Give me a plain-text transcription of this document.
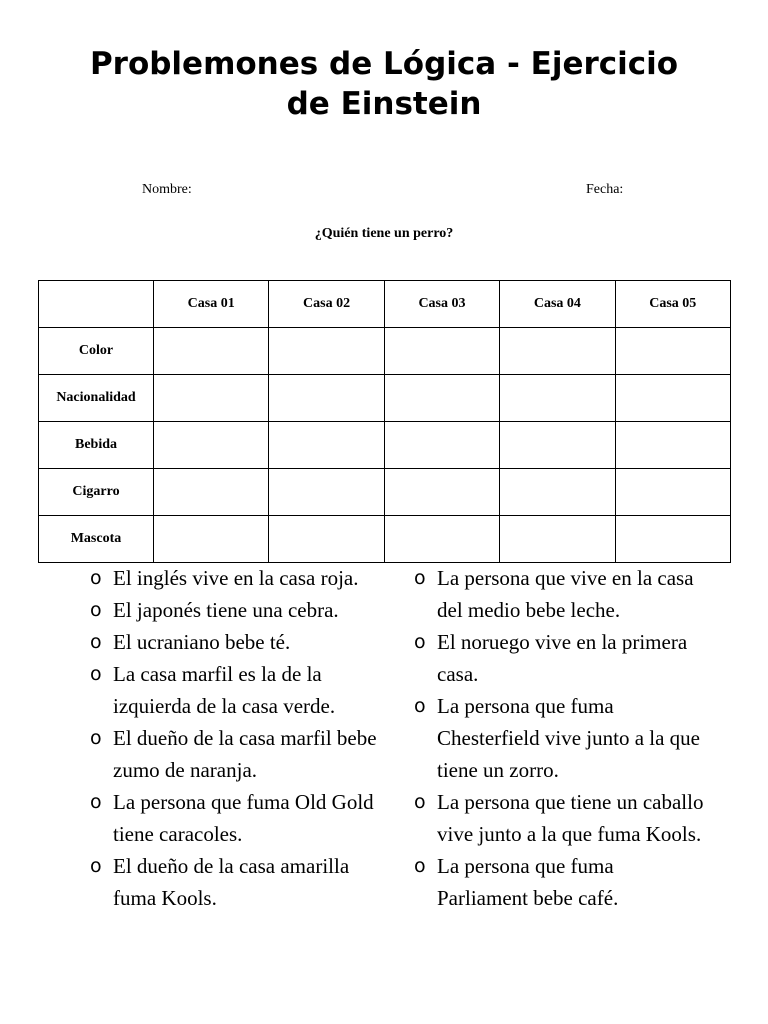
Problemones de Lógica - Ejercicio
de Einstein
Nombre:	Fecha:
¿Quién tiene un perro?
	Casa 01	Casa 02	Casa 03	Casa 04	Casa 05
Color					
Nacionalidad					
Bebida					
Cigarro					
Mascota					
o El inglés vive en la casa roja.
o El japonés tiene una cebra.
o El ucraniano bebe té.
o La casa marfil es la de la izquierda de la casa verde.
o El dueño de la casa marfil bebe zumo de naranja.
o La persona que fuma Old Gold tiene caracoles.
o El dueño de la casa amarilla fuma Kools.
o La persona que vive en la casa del medio bebe leche.
o El noruego vive en la primera casa.
o La persona que fuma Chesterfield vive junto a la que tiene un zorro.
o La persona que tiene un caballo vive junto a la que fuma Kools.
o La persona que fuma Parliament bebe café.
